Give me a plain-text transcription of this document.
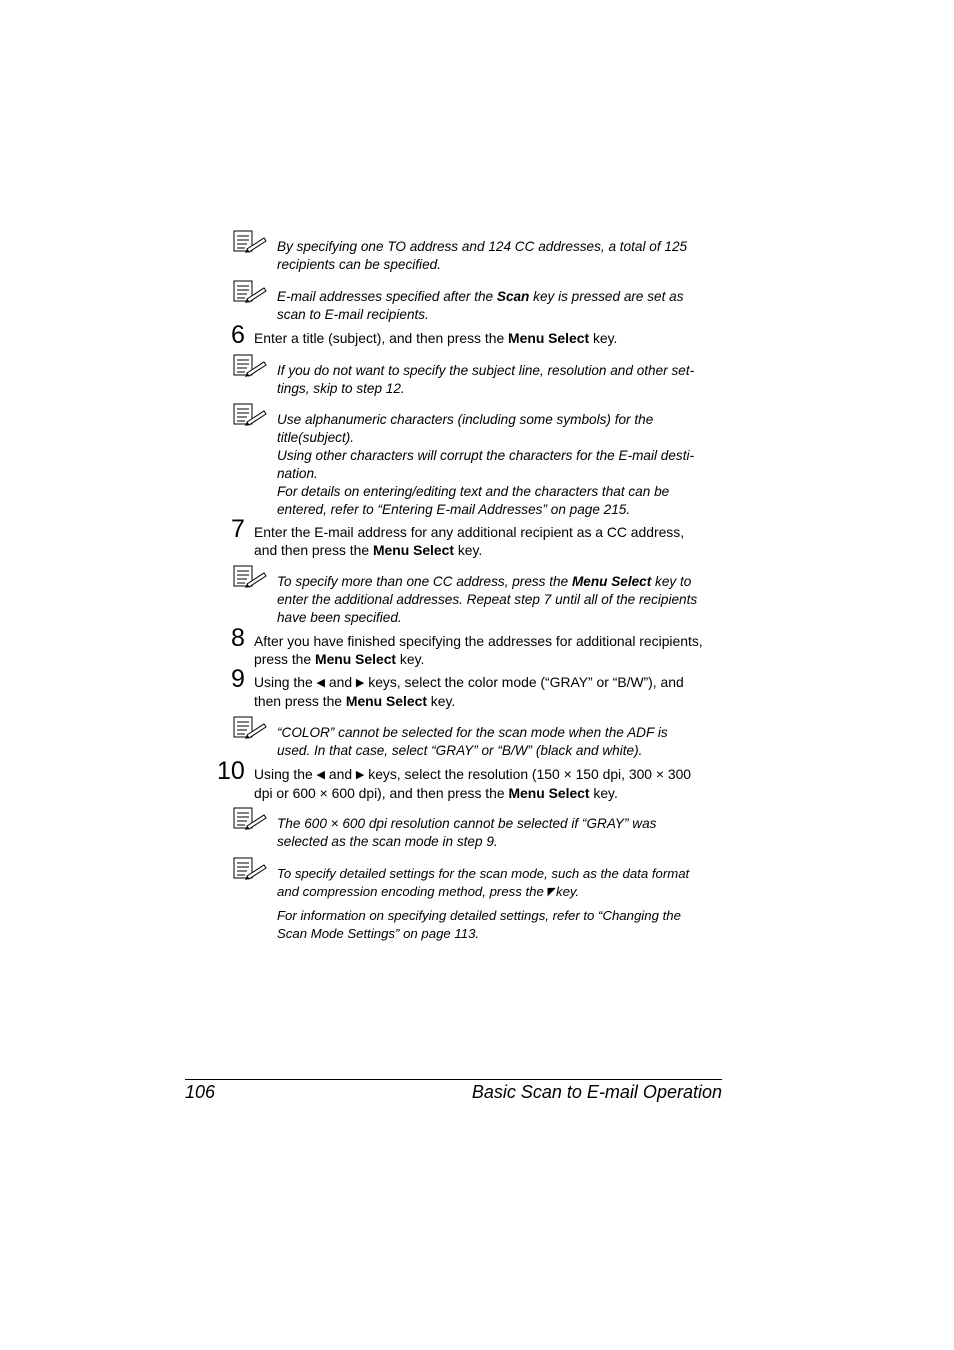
By specifying one TO address and 124 CC addresses, a total of 125
recipients can be specified.
E-mail addresses specified after the Scan key is pressed are set as
scan to E-mail recipients.
6 Enter a title (subject), and then press the Menu Select key.
If you do not want to specify the subject line, resolution and other set-
tings, skip to step 12.
Use alphanumeric characters (including some symbols) for the
title(subject).
Using other characters will corrupt the characters for the E-mail desti-
nation.
For details on entering/editing text and the characters that can be
entered, refer to “Entering E-mail Addresses” on page 215.
7 Enter the E-mail address for any additional recipient as a CC address,
and then press the Menu Select key.
To specify more than one CC address, press the Menu Select key to
enter the additional addresses. Repeat step 7 until all of the recipients
have been specified.
8 After you have finished specifying the addresses for additional recipients,
press the Menu Select key.
9 Using the ◀ and ▶ keys, select the color mode (“GRAY” or “B/W”), and
then press the Menu Select key.
“COLOR” cannot be selected for the scan mode when the ADF is
used. In that case, select “GRAY” or “B/W” (black and white).
10 Using the ◀ and ▶ keys, select the resolution (150 × 150 dpi, 300 × 300
dpi or 600 × 600 dpi), and then press the Menu Select key.
The 600 × 600 dpi resolution cannot be selected if “GRAY” was
selected as the scan mode in step 9.
To specify detailed settings for the scan mode, such as the data format
and compression encoding method, press the ◤key.
For information on specifying detailed settings, refer to “Changing the
Scan Mode Settings” on page 113.
106	Basic Scan to E-mail Operation
